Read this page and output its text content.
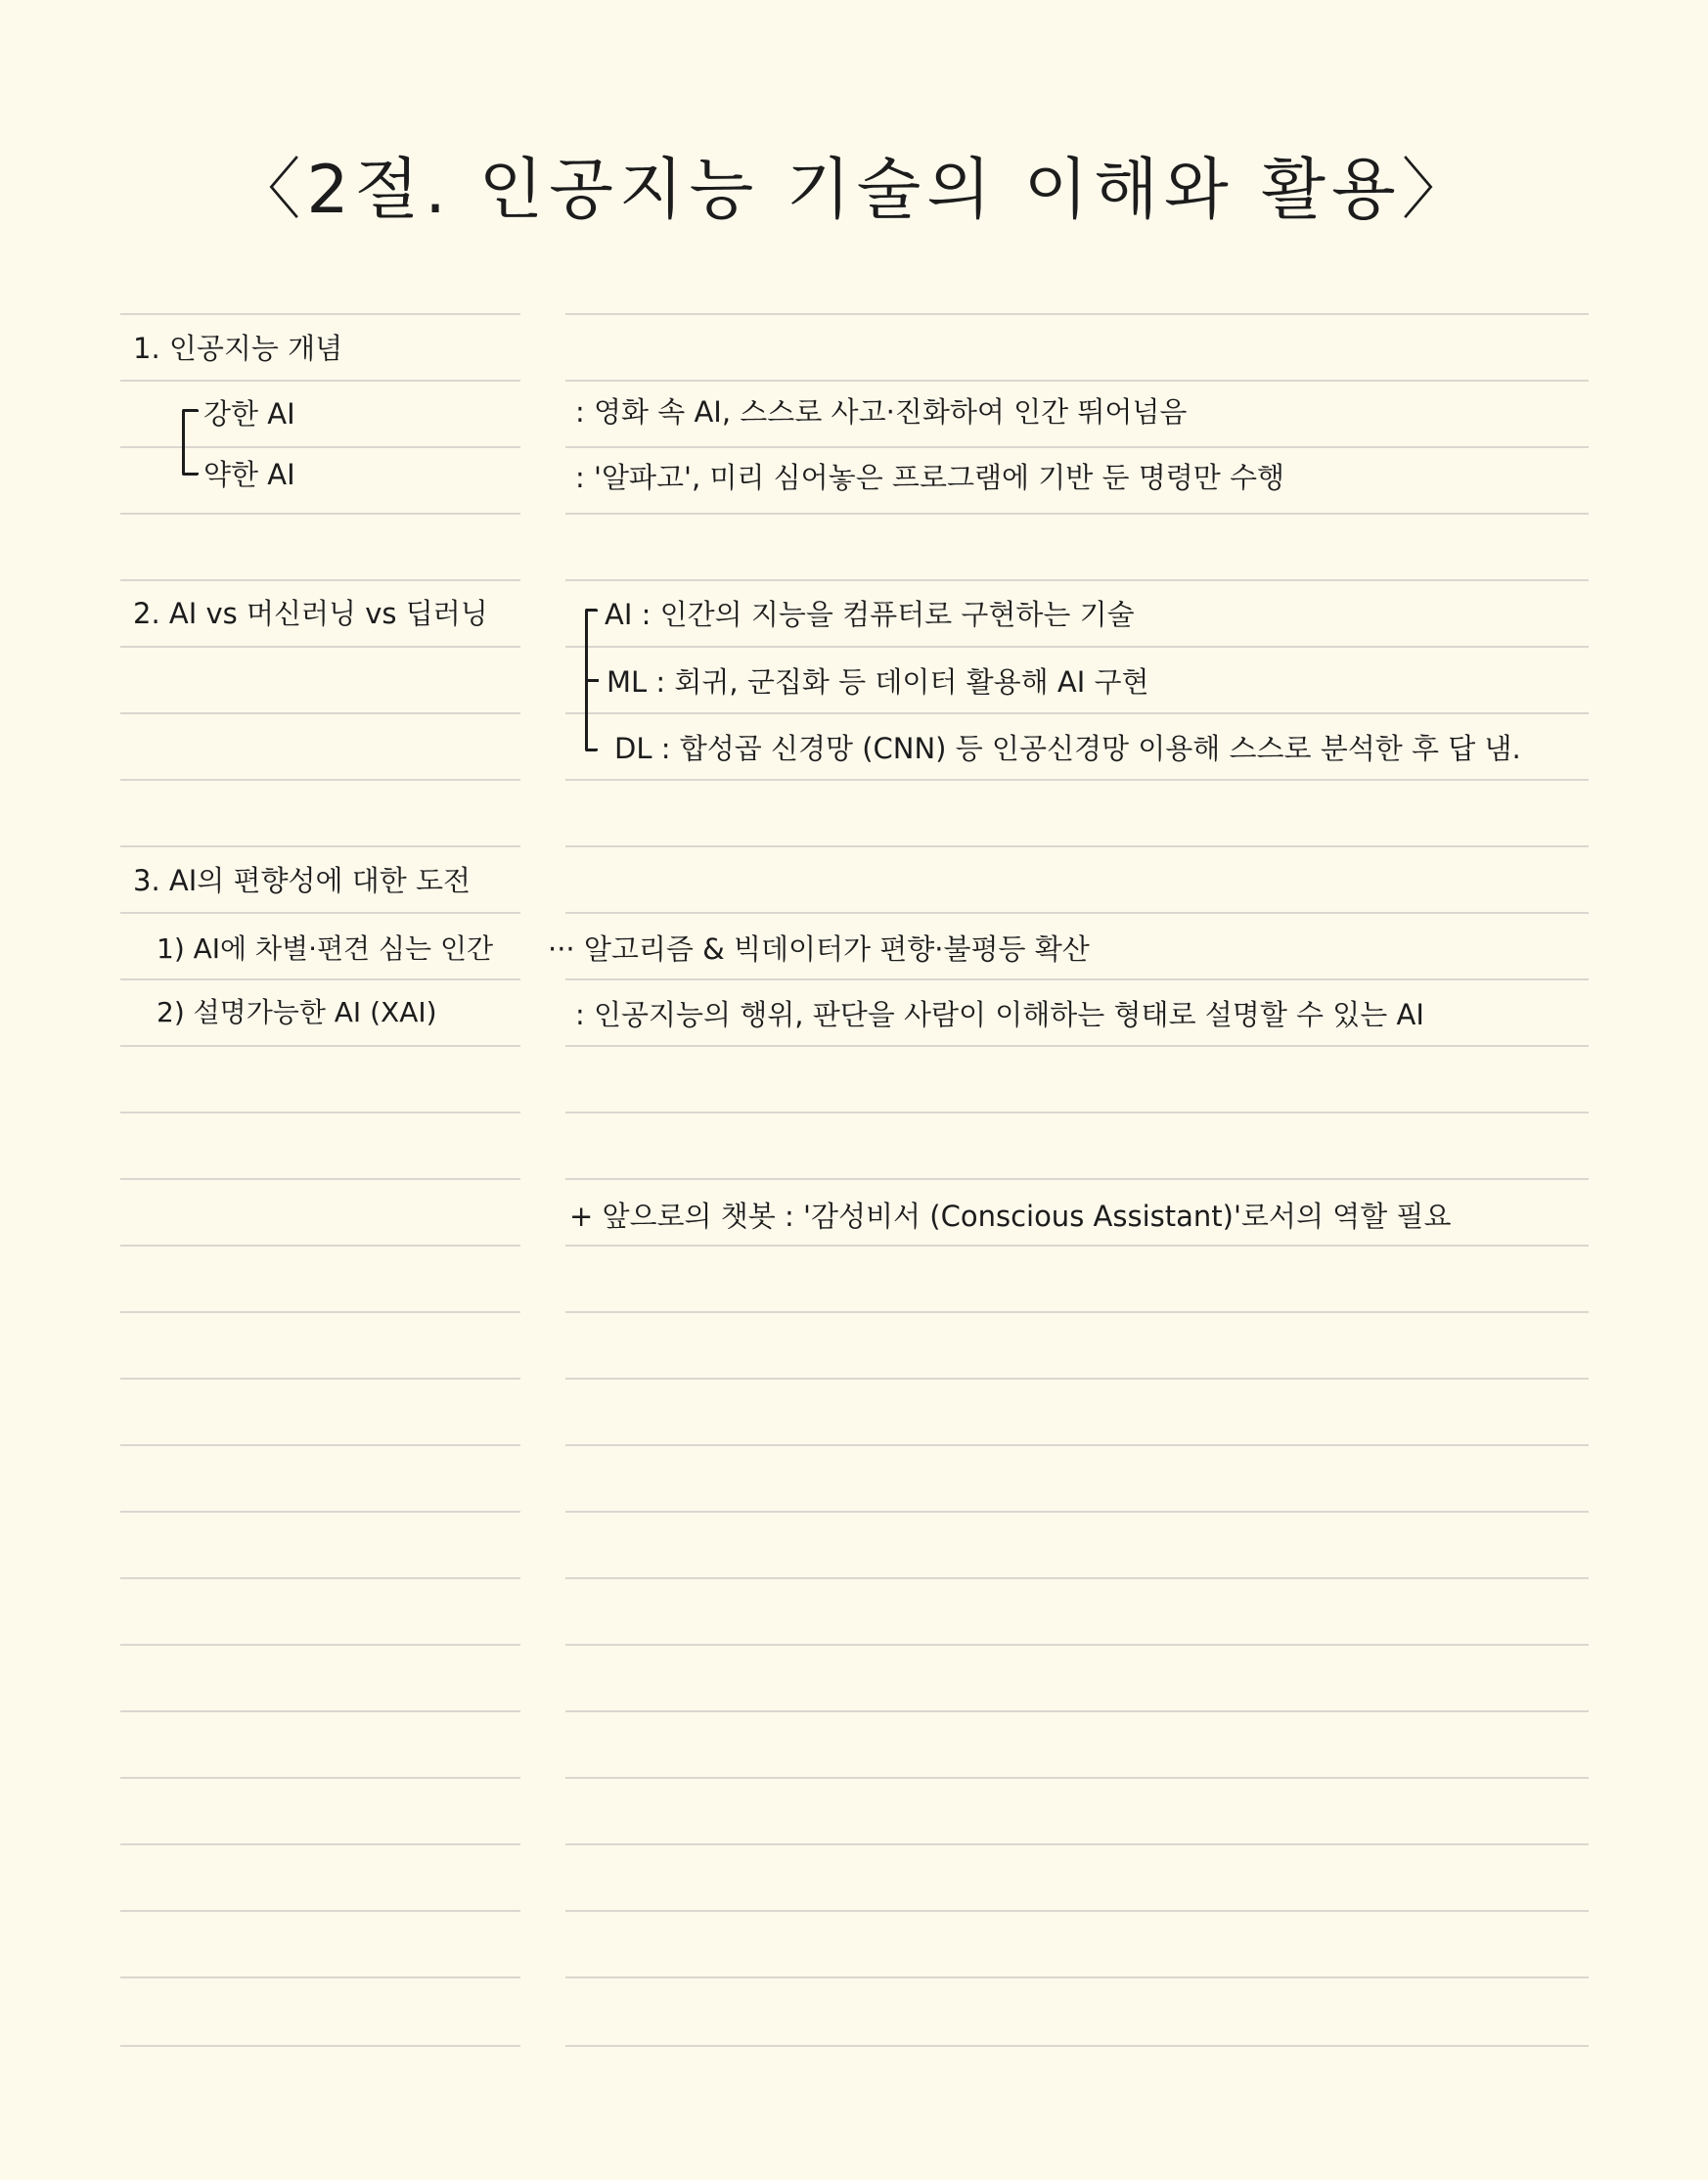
〈2절. 인공지능 기술의 이해와 활용〉
1. 인공지능 개념
강한 AI
약한 AI
: 영화 속 AI, 스스로 사고·진화하여 인간 뛰어넘음
: '알파고', 미리 심어놓은 프로그램에 기반 둔 명령만 수행
2. AI vs 머신러닝 vs 딥러닝	AI : 인간의 지능을 컴퓨터로 구현하는 기술
ML : 회귀, 군집화 등 데이터 활용해 AI 구현
DL : 합성곱 신경망 (CNN) 등 인공신경망 이용해 스스로 분석한 후 답 냄.
3. AI의 편향성에 대한 도전
1) AI에 차별·편견 심는 인간 ··· 알고리즘 & 빅데이터가 편향·불평등 확산
2) 설명가능한 AI (XAI)	: 인공지능의 행위, 판단을 사람이 이해하는 형태로 설명할 수 있는 AI
+ 앞으로의 챗봇 : '감성비서 (Conscious Assistant)'로서의 역할 필요
